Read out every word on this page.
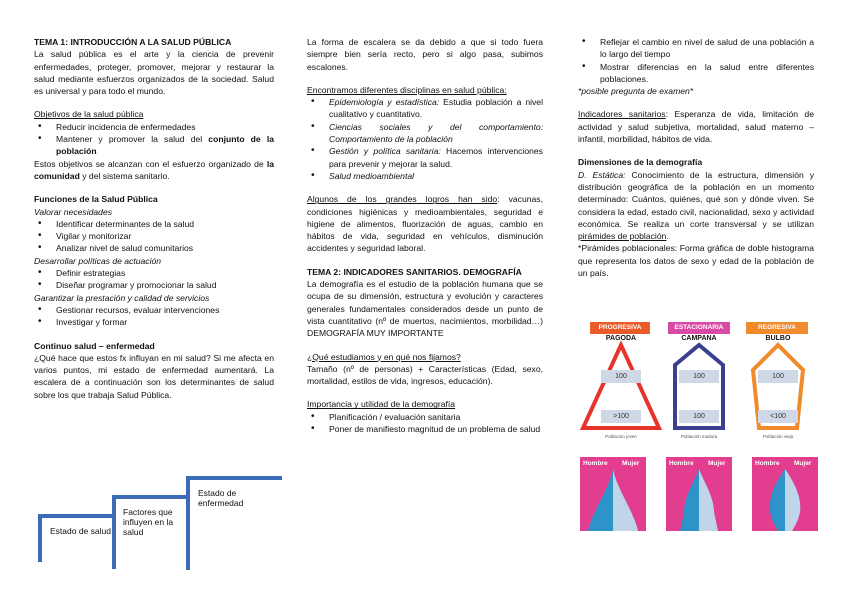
TEMA 1: INTRODUCCIÓN A LA SALUD PÚBLICA

La salud pública es el arte y la ciencia de prevenir enfermedades, proteger, promover, mejorar y restaurar la salud mediante esfuerzos organizados de la sociedad. Salud es universal y para todo el mundo.

Objetivos de la salud pública

• Reducir incidencia de enfermedades
• Mantener y promover la salud del conjunto de la población

Estos objetivos se alcanzan con el esfuerzo organizado de la comunidad y del sistema sanitario.

Funciones de la Salud Pública

Valorar necesidades

• Identificar determinantes de la salud
• Vigilar y monitorizar
• Analizar nivel de salud comunitarios

Desarrollar políticas de actuación

• Definir estrategias
• Diseñar programar y promocionar la salud

Garantizar la prestación y calidad de servicios

• Gestionar recursos, evaluar intervenciones
• Investigar y formar

Continuo salud – enfermedad

¿Qué hace que estos fx influyan en mi salud? Si me afecta en varios puntos, mi estado de enfermedad aumentará. La escalera de a continuación son los determinantes de salud sobre los que trabaja Salud Pública.

Estado de salud
Factores que influyen en la salud
Estado de enfermedad

La forma de escalera se da debido a que si todo fuera siempre bien sería recto, pero si algo pasa, subimos escalones.

Encontramos diferentes disciplinas en salud pública:

• Epidemiología y estadística: Estudia población a nivel cualitativo y cuantitativo.
• Ciencias sociales y del comportamiento: Comportamiento de la población
• Gestión y política sanitaria: Hacemos intervenciones para prevenir y mejorar la salud.
• Salud medioambiental

Algunos de los grandes logros han sido: vacunas, condiciones higiénicas y medioambientales, seguridad e higiene de alimentos, fluorización de aguas, cambio en hábitos de vida, seguridad en vehículos, disminución accidentes y seguridad laboral.

TEMA 2: INDICADORES SANITARIOS. DEMOGRAFÍA

La demografía es el estudio de la población humana que se ocupa de su dimensión, estructura y evolución y caracteres generales fundamentales considerados desde un punto de vista cuantitativo (nº de muertos, nacimientos, morbilidad…) DEMOGRAFÍA MUY IMPORTANTE

¿Qué estudiamos y en qué nos fijamos?

Tamaño (nº de personas) + Características (Edad, sexo, mortalidad, estilos de vida, ingresos, educación).

Importancia y utilidad de la demografía

• Planificación / evaluación sanitaria
• Poner de manifiesto magnitud de un problema de salud
• Reflejar el cambio en nivel de salud de una población a lo largo del tiempo
• Mostrar diferencias en la salud entre diferentes poblaciones.

*posible pregunta de examen*

Indicadores sanitarios: Esperanza de vida, limitación de actividad y salud subjetiva, mortalidad, salud materno – infantil, morbilidad, hábitos de vida.

Dimensiones de la demografía

D. Estática: Conocimiento de la estructura, dimensión y distribución geográfica de la población en un momento determinado: Cuántos, quiénes, qué son y dónde viven. Se considera la edad, estado civil, nacionalidad, sexo y actividad económica. Se realiza un corte transversal y se utilizan pirámides de población.

*Pirámides poblacionales: Forma gráfica de doble histograma que representa los datos de sexo y edad de la población de un país.

PROGRESIVA	ESTACIONARIA	REGRESIVA
PAGODA	CAMPANA	BULBO
100
>100
100
100
100
<100
Población joven	Población madura	Población vieja
Hombre Mujer	Hombre Mujer	Hombre Mujer
